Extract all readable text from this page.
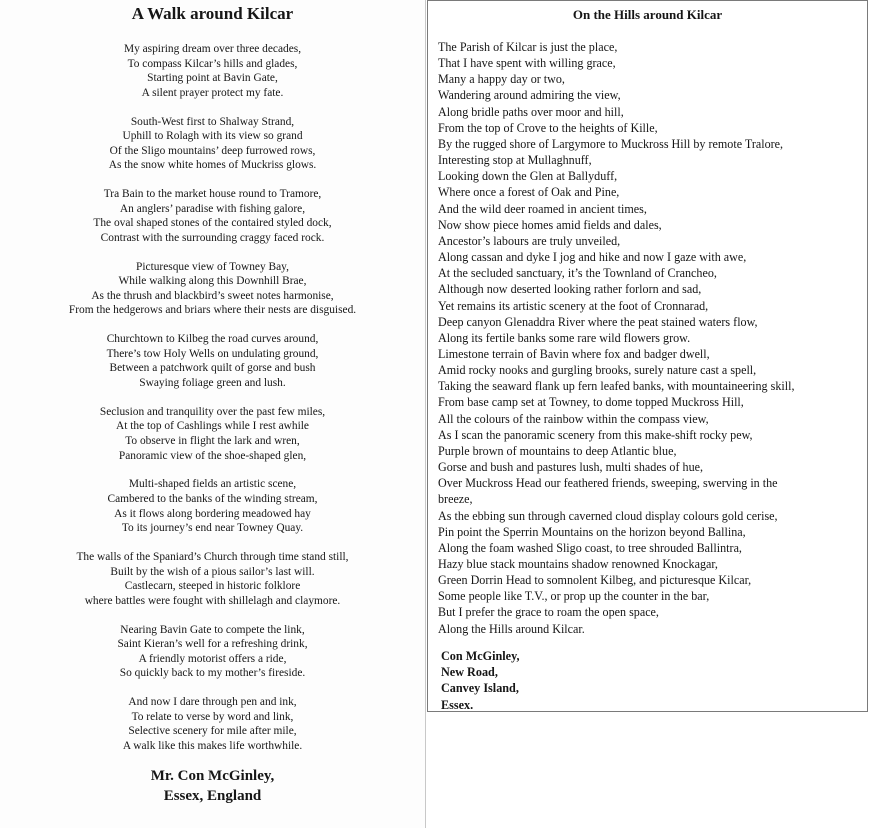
A Walk around Kilcar
My aspiring dream over three decades,
To compass Kilcar’s hills and glades,
Starting point at Bavin Gate,
A silent prayer protect my fate.
South-West first to Shalway Strand,
Uphill to Rolagh with its view so grand
Of the Sligo mountains’ deep furrowed rows,
As the snow white homes of Muckriss glows.
Tra Bain to the market house round to Tramore,
An anglers’ paradise with fishing galore,
The oval shaped stones of the contaired styled dock,
Contrast with the surrounding craggy faced rock.
Picturesque view of Towney Bay,
While walking along this Downhill Brae,
As the thrush and blackbird’s sweet notes harmonise,
From the hedgerows and briars where their nests are disguised.
Churchtown to Kilbeg the road curves around,
There’s tow Holy Wells on undulating ground,
Between a patchwork quilt of gorse and bush
Swaying foliage green and lush.
Seclusion and tranquility over the past few miles,
At the top of Cashlings while I rest awhile
To observe in flight the lark and wren,
Panoramic view of the shoe-shaped glen,
Multi-shaped fields an artistic scene,
Cambered to the banks of the winding stream,
As it flows along bordering meadowed hay
To its journey’s end near Towney Quay.
The walls of the Spaniard’s Church through time stand still,
Built by the wish of a pious sailor’s last will.
Castlecarn, steeped in historic folklore
where battles were fought with shillelagh and claymore.
Nearing Bavin Gate to compete the link,
Saint Kieran’s well for a refreshing drink,
A friendly motorist offers a ride,
So quickly back to my mother’s fireside.
And now I dare through pen and ink,
To relate to verse by word and link,
Selective scenery for mile after mile,
A walk like this makes life worthwhile.
Mr. Con McGinley,
Essex, England
On the Hills around Kilcar
The Parish of Kilcar is just the place,
That I have spent with willing grace,
Many a happy day or two,
Wandering around admiring the view,
Along bridle paths over moor and hill,
From the top of Crove to the heights of Kille,
By the rugged shore of Largymore to Muckross Hill by remote Tralore,
Interesting stop at Mullaghnuff,
Looking down the Glen at Ballyduff,
Where once a forest of Oak and Pine,
And the wild deer roamed in ancient times,
Now show piece homes amid fields and dales,
Ancestor’s labours are truly unveiled,
Along cassan and dyke I jog and hike and now I gaze with awe,
At the secluded sanctuary, it’s the Townland of Crancheo,
Although now deserted looking rather forlorn and sad,
Yet remains its artistic scenery at the foot of Cronnarad,
Deep canyon Glenaddra River where the peat stained waters flow,
Along its fertile banks some rare wild flowers grow.
Limestone terrain of Bavin where fox and badger dwell,
Amid rocky nooks and gurgling brooks, surely nature cast a spell,
Taking the seaward flank up fern leafed banks, with mountaineering skill,
From base camp set at Towney, to dome topped Muckross Hill,
All the colours of the rainbow within the compass view,
As I scan the panoramic scenery from this make-shift rocky pew,
Purple brown of mountains to deep Atlantic blue,
Gorse and bush and pastures lush, multi shades of hue,
Over Muckross Head our feathered friends, sweeping, swerving in the
breeze,
As the ebbing sun through caverned cloud display colours gold cerise,
Pin point the Sperrin Mountains on the horizon beyond Ballina,
Along the foam washed Sligo coast, to tree shrouded Ballintra,
Hazy blue stack mountains shadow renowned Knockagar,
Green Dorrin Head to somnolent Kilbeg, and picturesque Kilcar,
Some people like T.V., or prop up the counter in the bar,
But I prefer the grace to roam the open space,
Along the Hills around Kilcar.
Con McGinley,
New Road,
Canvey Island,
Essex.
